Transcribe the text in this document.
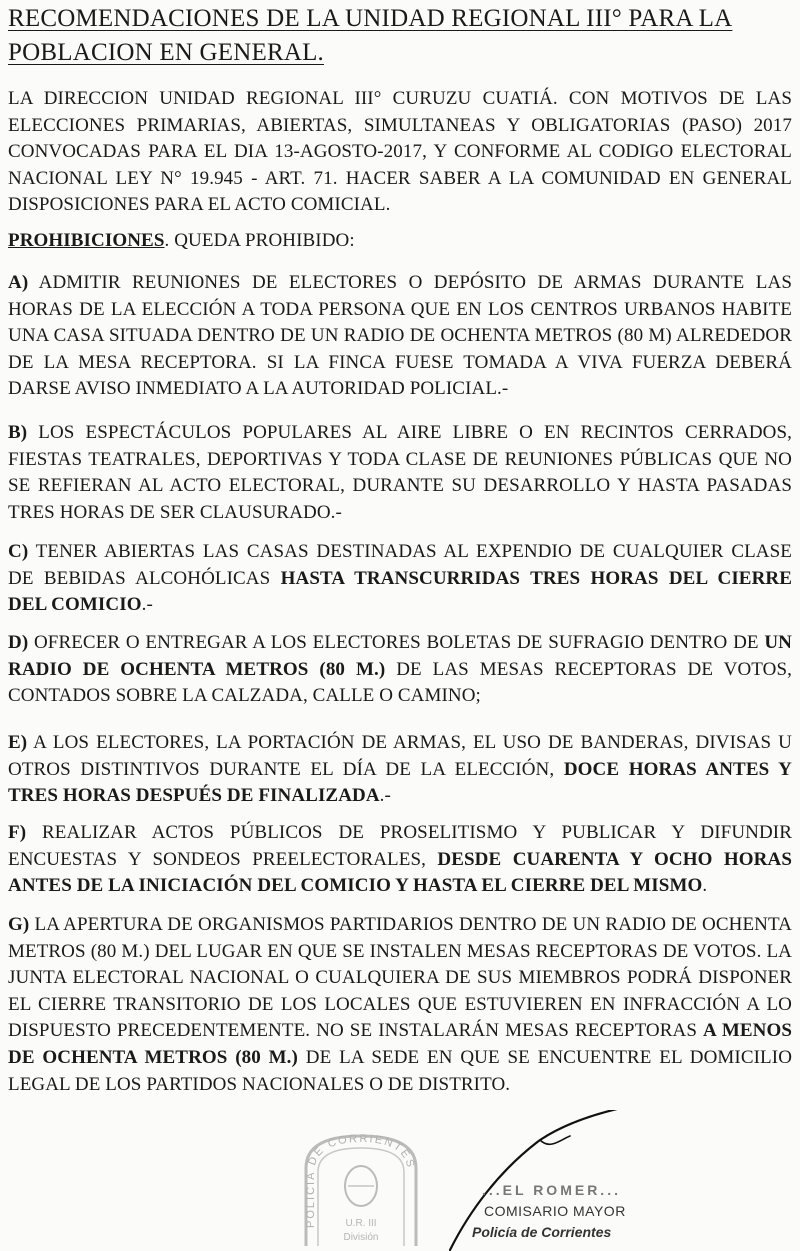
RECOMENDACIONES DE LA UNIDAD REGIONAL III° PARA LA
POBLACION EN GENERAL.
LA DIRECCION UNIDAD REGIONAL III° CURUZU CUATIÁ. CON MOTIVOS DE LAS ELECCIONES PRIMARIAS, ABIERTAS, SIMULTANEAS Y OBLIGATORIAS (PASO) 2017 CONVOCADAS PARA EL DIA 13-AGOSTO-2017, Y CONFORME AL CODIGO ELECTORAL NACIONAL LEY N° 19.945 - ART. 71. HACER SABER A LA COMUNIDAD EN GENERAL DISPOSICIONES PARA EL ACTO COMICIAL.
PROHIBICIONES. QUEDA PROHIBIDO:
A) ADMITIR REUNIONES DE ELECTORES O DEPÓSITO DE ARMAS DURANTE LAS HORAS DE LA ELECCIÓN A TODA PERSONA QUE EN LOS CENTROS URBANOS HABITE UNA CASA SITUADA DENTRO DE UN RADIO DE OCHENTA METROS (80 M) ALREDEDOR DE LA MESA RECEPTORA. SI LA FINCA FUESE TOMADA A VIVA FUERZA DEBERÁ DARSE AVISO INMEDIATO A LA AUTORIDAD POLICIAL.-
B) LOS ESPECTÁCULOS POPULARES AL AIRE LIBRE O EN RECINTOS CERRADOS, FIESTAS TEATRALES, DEPORTIVAS Y TODA CLASE DE REUNIONES PÚBLICAS QUE NO SE REFIERAN AL ACTO ELECTORAL, DURANTE SU DESARROLLO Y HASTA PASADAS TRES HORAS DE SER CLAUSURADO.-
C) TENER ABIERTAS LAS CASAS DESTINADAS AL EXPENDIO DE CUALQUIER CLASE DE BEBIDAS ALCOHÓLICAS HASTA TRANSCURRIDAS TRES HORAS DEL CIERRE DEL COMICIO.-
D) OFRECER O ENTREGAR A LOS ELECTORES BOLETAS DE SUFRAGIO DENTRO DE UN RADIO DE OCHENTA METROS (80 M.) DE LAS MESAS RECEPTORAS DE VOTOS, CONTADOS SOBRE LA CALZADA, CALLE O CAMINO;
E) A LOS ELECTORES, LA PORTACIÓN DE ARMAS, EL USO DE BANDERAS, DIVISAS U OTROS DISTINTIVOS DURANTE EL DÍA DE LA ELECCIÓN, DOCE HORAS ANTES Y TRES HORAS DESPUÉS DE FINALIZADA.-
F) REALIZAR ACTOS PÚBLICOS DE PROSELITISMO Y PUBLICAR Y DIFUNDIR ENCUESTAS Y SONDEOS PREELECTORALES, DESDE CUARENTA Y OCHO HORAS ANTES DE LA INICIACIÓN DEL COMICIO Y HASTA EL CIERRE DEL MISMO.
G) LA APERTURA DE ORGANISMOS PARTIDARIOS DENTRO DE UN RADIO DE OCHENTA METROS (80 M.) DEL LUGAR EN QUE SE INSTALEN MESAS RECEPTORAS DE VOTOS. LA JUNTA ELECTORAL NACIONAL O CUALQUIERA DE SUS MIEMBROS PODRÁ DISPONER EL CIERRE TRANSITORIO DE LOS LOCALES QUE ESTUVIEREN EN INFRACCIÓN A LO DISPUESTO PRECEDENTEMENTE. NO SE INSTALARÁN MESAS RECEPTORAS A MENOS DE OCHENTA METROS (80 M.) DE LA SEDE EN QUE SE ENCUENTRE EL DOMICILIO LEGAL DE LOS PARTIDOS NACIONALES O DE DISTRITO.
POLICIA DE CORRIENTES
U.R. III
División
...EL ROMER...
COMISARIO MAYOR
Policía de Corrientes
